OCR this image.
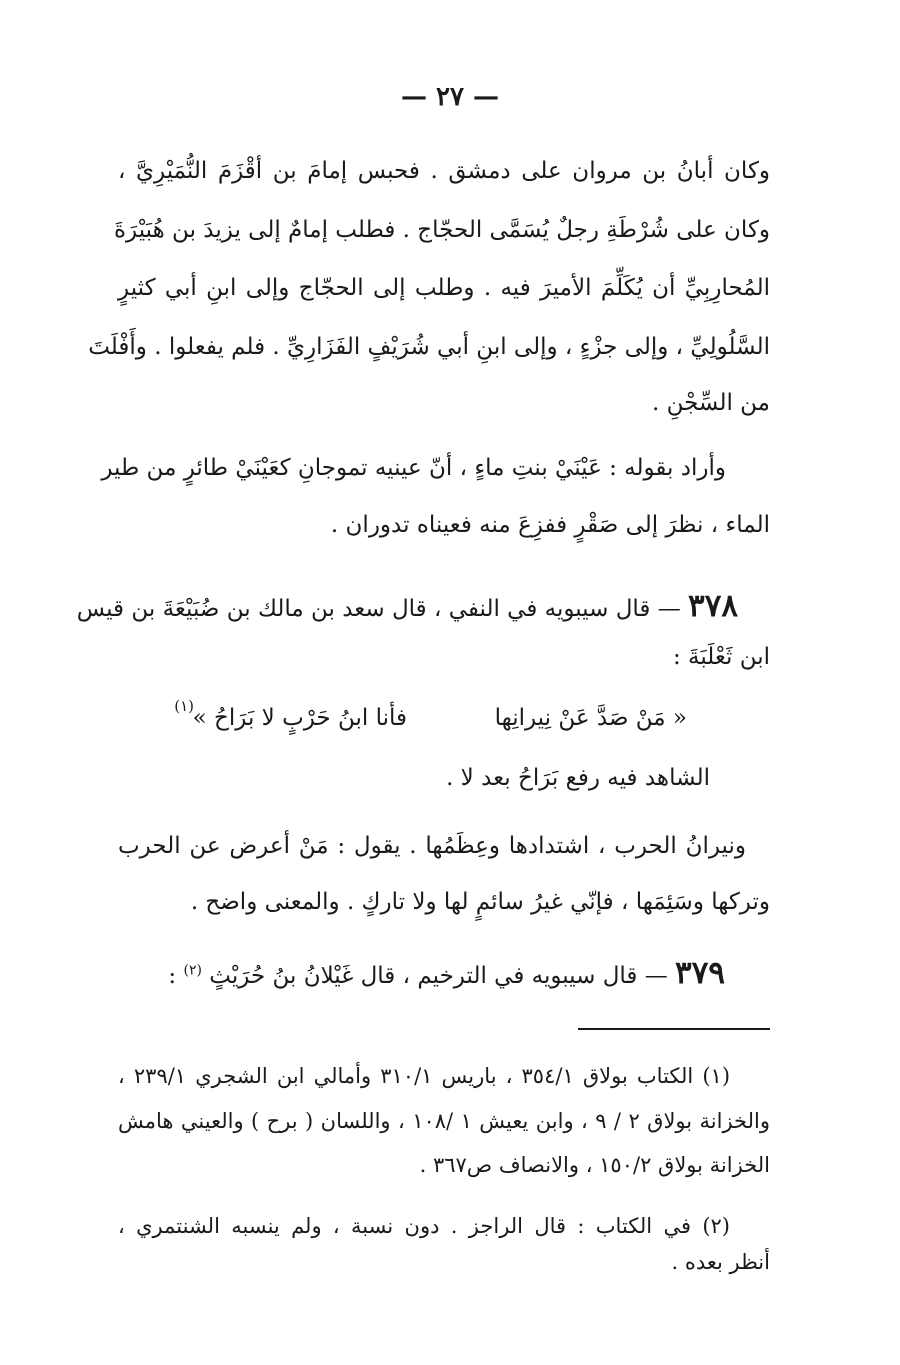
— ٢٧ —
وكان أبانُ بن مروان على دمشق . فحبس إمامَ بن أقْزَمَ النُّمَيْرِيَّ ،
وكان على شُرْطَةِ رجلٌ يُسَمَّى الحجّاج . فطلب إمامٌ إلى يزيدَ بن هُبَيْرَةَ
المُحارِبِيِّ أن يُكَلِّمَ الأميرَ فيه . وطلب إلى الحجّاج وإلى ابنِ أبي كثيرٍ
السَّلُولِيِّ ، وإلى جزْءٍ ، وإلى ابنِ أبي شُرَيْفٍ الفَزَارِيِّ . فلم يفعلوا . وأَفْلَتَ
من السِّجْنِ .
وأراد بقوله : عَيْنَيْ بنتِ ماءٍ ، أنّ عينيه تموجانِ كعَيْنَيْ طائرٍ من طير
الماء ، نظرَ إلى صَقْرٍ ففزِعَ منه فعيناه تدوران .
٣٧٨ — قال سيبويه في النفي ، قال سعد بن مالك بن ضُبَيْعَةَ بن قيس
ابن ثَعْلَبَةَ :
« مَنْ صَدَّ عَنْ نِيرانِها
(١)
فأنا ابنُ حَرْبٍ لا بَرَاحُ »
الشاهد فيه رفع بَرَاحُ بعد لا .
ونيرانُ الحرب ، اشتدادها وعِظَمُها . يقول : مَنْ أعرض عن الحرب
وتركها وسَئِمَها ، فإنّي غيرُ سائمٍ لها ولا تاركٍ . والمعنى واضح .
٣٧٩ — قال سيبويه في الترخيم ، قال غَيْلانُ بنُ حُرَيْثٍ $^{(٢)}$ :
(١) الكتاب بولاق ٣٥٤/١ ، باريس ٣١٠/١ وأمالي ابن الشجري ٢٣٩/١ ،
والخزانة بولاق ٢ / ٩ ، وابن يعيش ١ /١٠٨ ، واللسان ( برح ) والعيني هامش
الخزانة بولاق ١٥٠/٢ ، والانصاف ص٣٦٧ .
(٢) في الكتاب : قال الراجز . دون نسبة ، ولم ينسبه الشنتمري ،
أنظر بعده .
